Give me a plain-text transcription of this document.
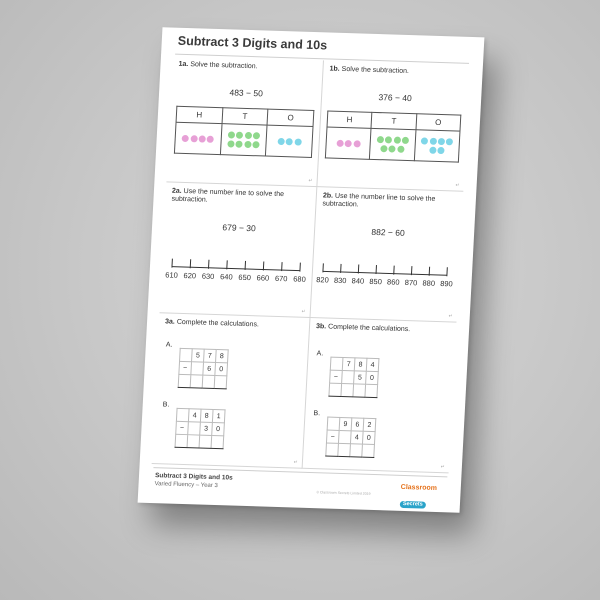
Subtract 3 Digits and 10s
1a. Solve the subtraction.
483 − 50
H	T	O

↵
1b. Solve the subtraction.
376 − 40
H	T	O

↵
2a. Use the number line to solve the subtraction.
679 − 30
610 620 630 640 650 660 670 680
↵
2b. Use the number line to solve the subtraction.
882 − 60
820 830 840 850 860 870 880 890
↵
3a. Complete the calculations.
A.
	5	7	8
−		6	0

B.
	4	8	1
−		3	0

↵
3b. Complete the calculations.
A.
	7	8	4
−		5	0

B.
	9	6	2
−		4	0

↵
Subtract 3 Digits and 10s
Varied Fluency – Year 3
© Classroom Secrets Limited 2019
Classroom
Secrets
